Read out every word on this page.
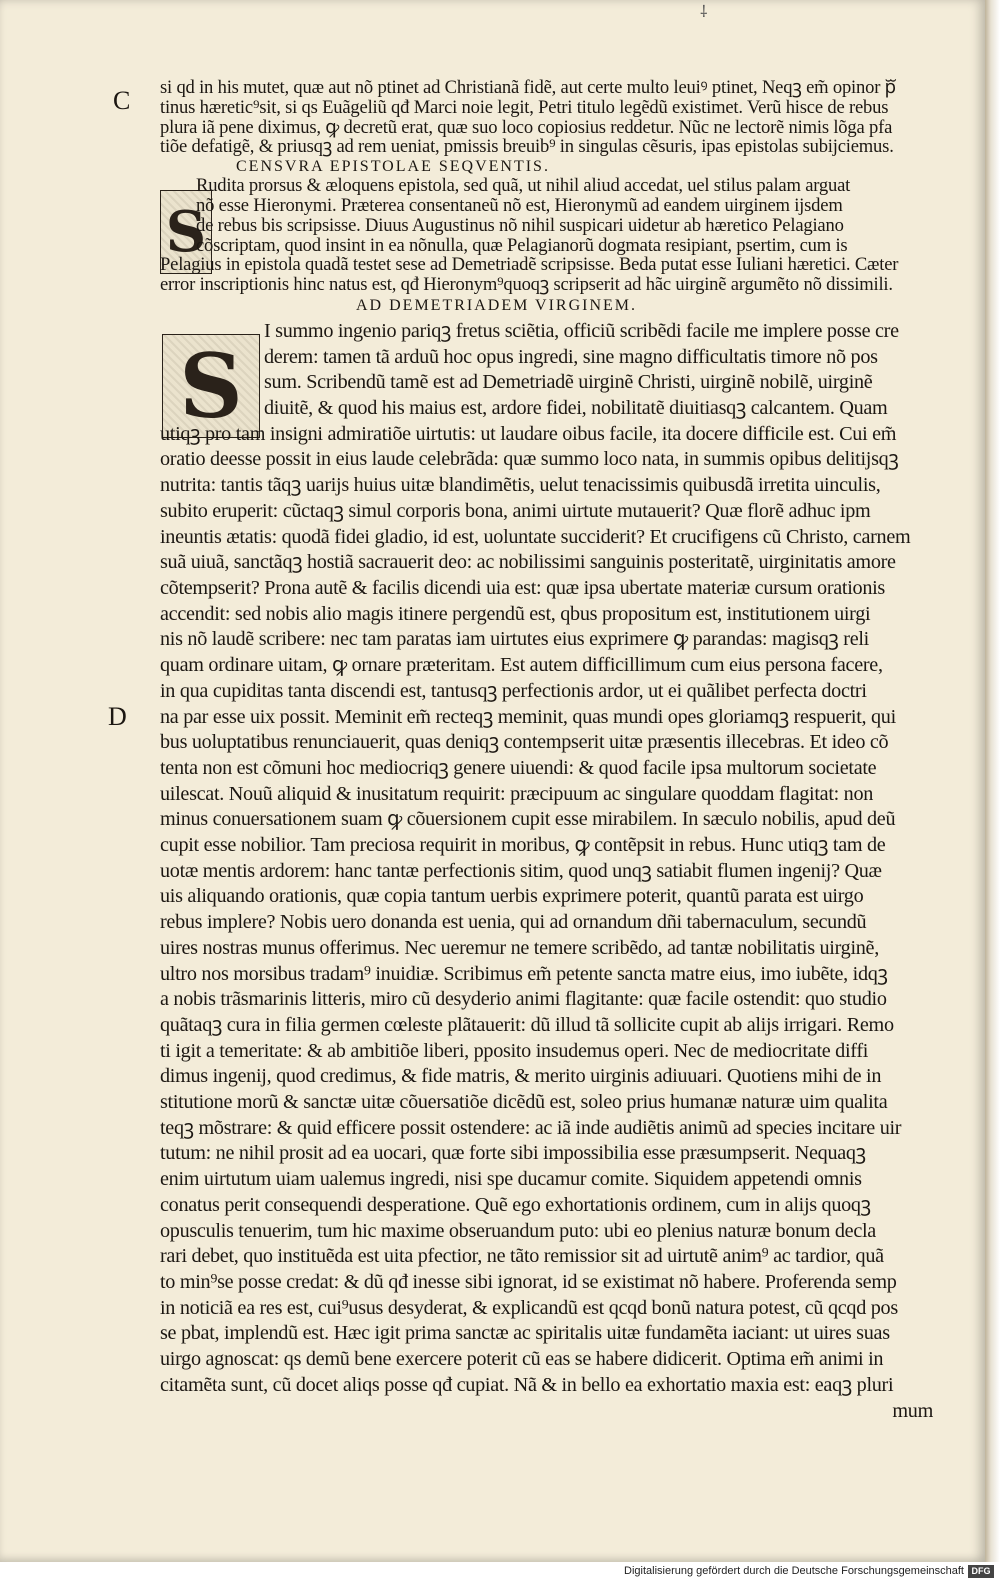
⸸
C
D
S
S
si qd in his mutet, quæ aut nõ ptinet ad Christianã fidẽ, aut certe multo leuiꝰ ptinet, Neqꝫ em̃ opinor pᷓ
tinus hæretic⁹sit, si qs Euãgeliũ qđ Marci noie legit, Petri titulo legẽdũ existimet. Verũ hisce de rebus
plura iã pene diximus, ꝙ decretũ erat, quæ suo loco copiosius reddetur. Nũc ne lectorẽ nimis lõga pfa
tiõe defatigẽ, & priusqꝫ ad rem ueniat, pmissis breuib⁹ in singulas cẽsuris, ipas epistolas subijciemus.
CENSVRA EPISTOLAE SEQVENTIS.
Rudita prorsus & æloquens epistola, sed quã, ut nihil aliud accedat, uel stilus palam arguat
nõ esse Hieronymi. Præterea consentaneũ nõ est, Hieronymũ ad eandem uirginem ijsdem
de rebus bis scripsisse. Diuus Augustinus nõ nihil suspicari uidetur ab hæretico Pelagiano
cõscriptam, quod insint in ea nõnulla, quæ Pelagianorũ dogmata resipiant, psertim, cum is
Pelagius in epistola quadã testet sese ad Demetriadẽ scripsisse. Beda putat esse Iuliani hæretici. Cæter
error inscriptionis hinc natus est, qđ Hieronym⁹quoqꝫ scripserit ad hãc uirginẽ argumẽto nõ dissimili.
AD DEMETRIADEM VIRGINEM.
I summo ingenio pariqꝫ fretus sciẽtia, officiũ scribẽdi facile me implere posse cre
derem: tamen tã arduũ hoc opus ingredi, sine magno difficultatis timore nõ pos
sum. Scribendũ tamẽ est ad Demetriadẽ uirginẽ Christi, uirginẽ nobilẽ, uirginẽ
diuitẽ, & quod his maius est, ardore fidei, nobilitatẽ diuitiasqꝫ calcantem. Quam
utiqꝫ pro tam insigni admiratiõe uirtutis: ut laudare oibus facile, ita docere difficile est. Cui em̃
oratio deesse possit in eius laude celebrãda: quæ summo loco nata, in summis opibus delitijsqꝫ
nutrita: tantis tãqꝫ uarijs huius uitæ blandimẽtis, uelut tenacissimis quibusdã irretita uinculis,
subito eruperit: cũctaqꝫ simul corporis bona, animi uirtute mutauerit? Quæ florẽ adhuc ipm
ineuntis ætatis: quodã fidei gladio, id est, uoluntate succiderit? Et crucifigens cũ Christo, carnem
suã uiuã, sanctãqꝫ hostiã sacrauerit deo: ac nobilissimi sanguinis posteritatẽ, uirginitatis amore
cõtempserit? Prona autẽ & facilis dicendi uia est: quæ ipsa ubertate materiæ cursum orationis
accendit: sed nobis alio magis itinere pergendũ est, qbus propositum est, institutionem uirgi
nis nõ laudẽ scribere: nec tam paratas iam uirtutes eius exprimere ꝙ parandas: magisqꝫ reli
quam ordinare uitam, ꝙ ornare præteritam. Est autem difficillimum cum eius persona facere,
in qua cupiditas tanta discendi est, tantusqꝫ perfectionis ardor, ut ei quãlibet perfecta doctri
na par esse uix possit. Meminit em̃ recteqꝫ meminit, quas mundi opes gloriamqꝫ respuerit, qui
bus uoluptatibus renunciauerit, quas deniqꝫ contempserit uitæ præsentis illecebras. Et ideo cõ
tenta non est cõmuni hoc mediocriqꝫ genere uiuendi: & quod facile ipsa multorum societate
uilescat. Nouũ aliquid & inusitatum requirit: præcipuum ac singulare quoddam flagitat: non
minus conuersationem suam ꝙ cõuersionem cupit esse mirabilem. In sæculo nobilis, apud deũ
cupit esse nobilior. Tam preciosa requirit in moribus, ꝙ contẽpsit in rebus. Hunc utiqꝫ tam de
uotæ mentis ardorem: hanc tantæ perfectionis sitim, quod unqꝫ satiabit flumen ingenij? Quæ
uis aliquando orationis, quæ copia tantum uerbis exprimere poterit, quantũ parata est uirgo
rebus implere? Nobis uero donanda est uenia, qui ad ornandum dñi tabernaculum, secundũ
uires nostras munus offerimus. Nec ueremur ne temere scribẽdo, ad tantæ nobilitatis uirginẽ,
ultro nos morsibus tradam⁹ inuidiæ. Scribimus em̃ petente sancta matre eius, imo iubẽte, idqꝫ
a nobis trãsmarinis litteris, miro cũ desyderio animi flagitante: quæ facile ostendit: quo studio
quãtaqꝫ cura in filia germen cœleste plãtauerit: dũ illud tã sollicite cupit ab alijs irrigari. Remo
ti igit a temeritate: & ab ambitiõe liberi, pposito insudemus operi. Nec de mediocritate diffi
dimus ingenij, quod credimus, & fide matris, & merito uirginis adiuuari. Quotiens mihi de in
stitutione morũ & sanctæ uitæ cõuersatiõe dicẽdũ est, soleo prius humanæ naturæ uim qualita
teqꝫ mõstrare: & quid efficere possit ostendere: ac iã inde audiẽtis animũ ad species incitare uir
tutum: ne nihil prosit ad ea uocari, quæ forte sibi impossibilia esse præsumpserit. Nequaqꝫ
enim uirtutum uiam ualemus ingredi, nisi spe ducamur comite. Siquidem appetendi omnis
conatus perit consequendi desperatione. Quẽ ego exhortationis ordinem, cum in alijs quoqꝫ
opusculis tenuerim, tum hic maxime obseruandum puto: ubi eo plenius naturæ bonum decla
rari debet, quo instituẽda est uita pfectior, ne tãto remissior sit ad uirtutẽ anim⁹ ac tardior, quã
to min⁹se posse credat: & dũ qđ inesse sibi ignorat, id se existimat nõ habere. Proferenda semp
in noticiã ea res est, cui⁹usus desyderat, & explicandũ est qcqd bonũ natura potest, cũ qcqd pos
se pbat, implendũ est. Hæc igit prima sanctæ ac spiritalis uitæ fundamẽta iaciant: ut uires suas
uirgo agnoscat: qs demũ bene exercere poterit cũ eas se habere didicerit. Optima em̃ animi in
citamẽta sunt, cũ docet aliqs posse qđ cupiat. Nã & in bello ea exhortatio maxia est: eaqꝫ pluri
mum
Digitalisierung gefördert durch die Deutsche Forschungsgemeinschaft DFG
